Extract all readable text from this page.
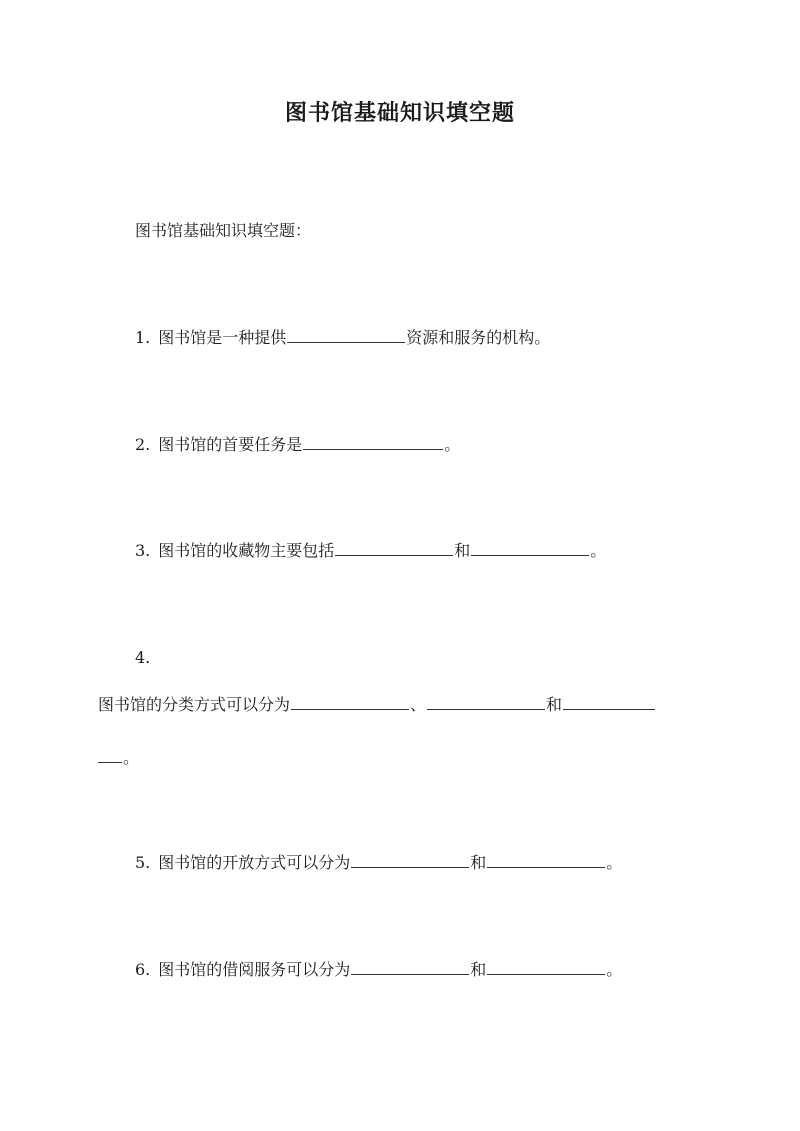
图书馆基础知识填空题
图书馆基础知识填空题：
1. 图书馆是一种提供	资源和服务的机构。
2. 图书馆的首要任务是	。
3. 图书馆的收藏物主要包括	和	。
4.
图书馆的分类方式可以分为	、	和
。
5. 图书馆的开放方式可以分为	和	。
6. 图书馆的借阅服务可以分为	和	。
